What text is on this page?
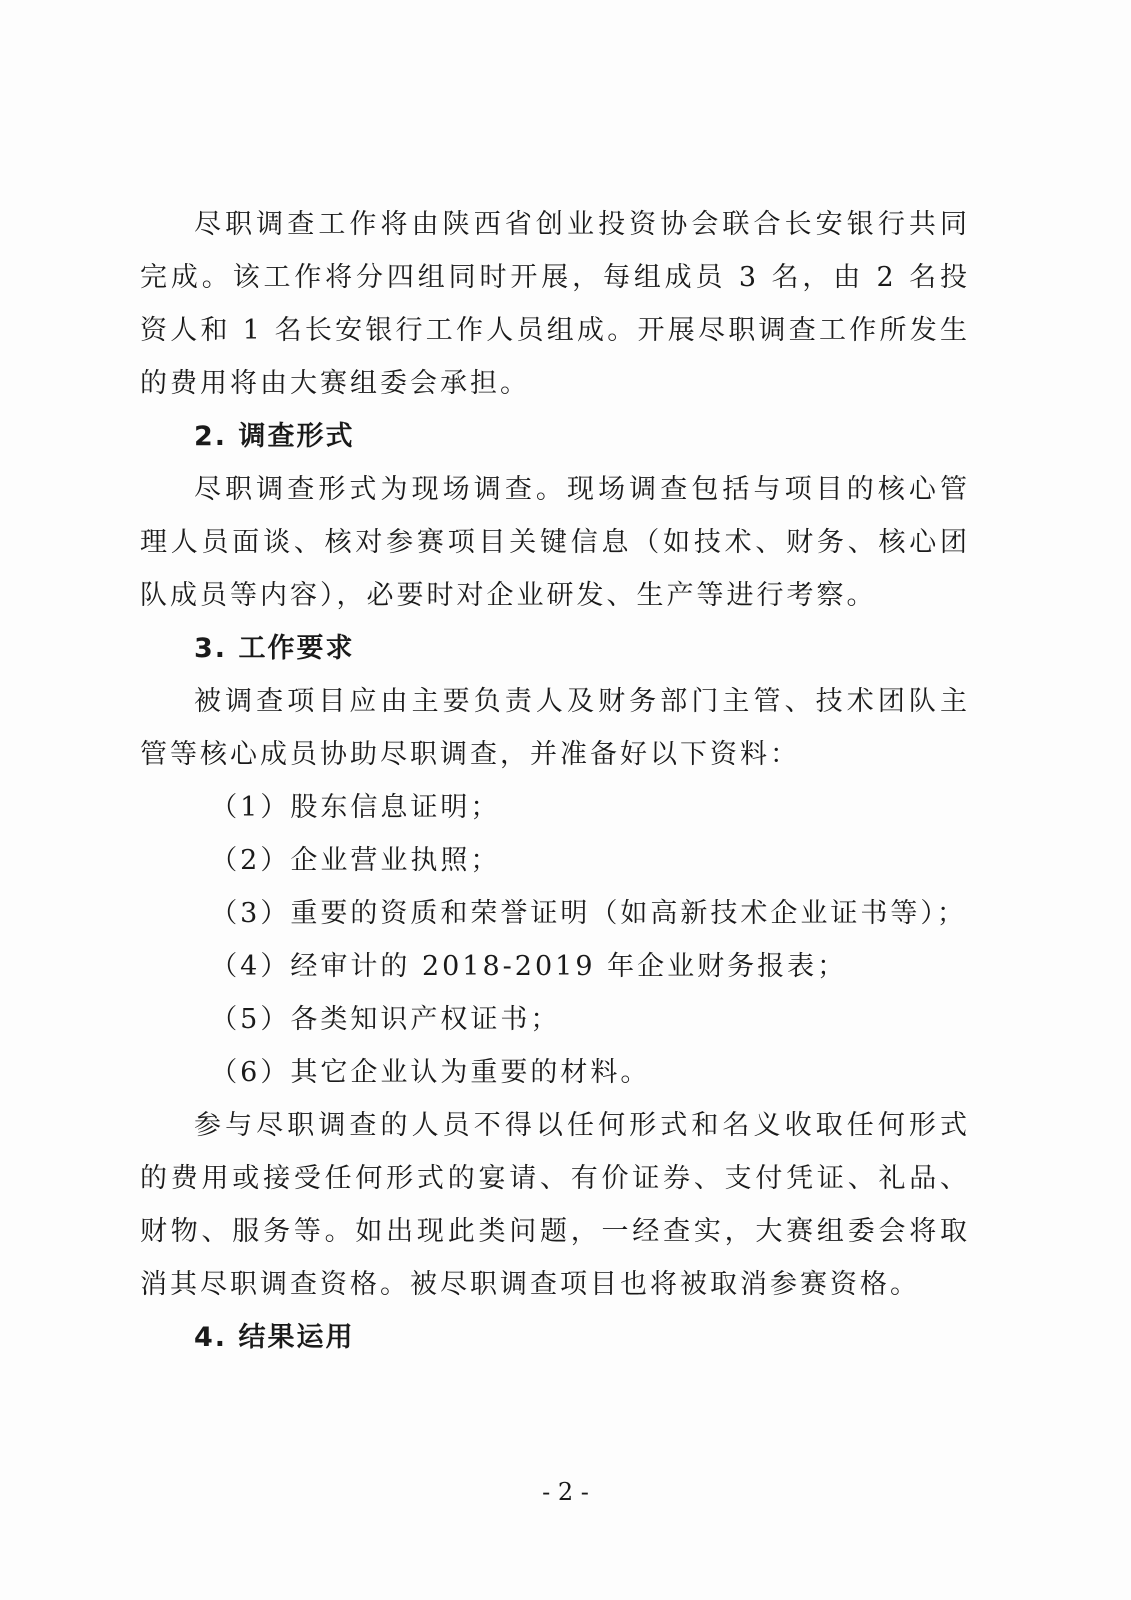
尽职调查工作将由陕西省创业投资协会联合长安银行共同完成。该工作将分四组同时开展，每组成员 3 名，由 2 名投资人和 1 名长安银行工作人员组成。开展尽职调查工作所发生的费用将由大赛组委会承担。

2. 调查形式

尽职调查形式为现场调查。现场调查包括与项目的核心管理人员面谈、核对参赛项目关键信息（如技术、财务、核心团队成员等内容），必要时对企业研发、生产等进行考察。

3. 工作要求

被调查项目应由主要负责人及财务部门主管、技术团队主管等核心成员协助尽职调查，并准备好以下资料：

（1）股东信息证明；

（2）企业营业执照；

（3）重要的资质和荣誉证明（如高新技术企业证书等）；

（4）经审计的 2018-2019 年企业财务报表；

（5）各类知识产权证书；

（6）其它企业认为重要的材料。

参与尽职调查的人员不得以任何形式和名义收取任何形式的费用或接受任何形式的宴请、有价证券、支付凭证、礼品、财物、服务等。如出现此类问题，一经查实，大赛组委会将取消其尽职调查资格。被尽职调查项目也将被取消参赛资格。

4. 结果运用

- 2 -
